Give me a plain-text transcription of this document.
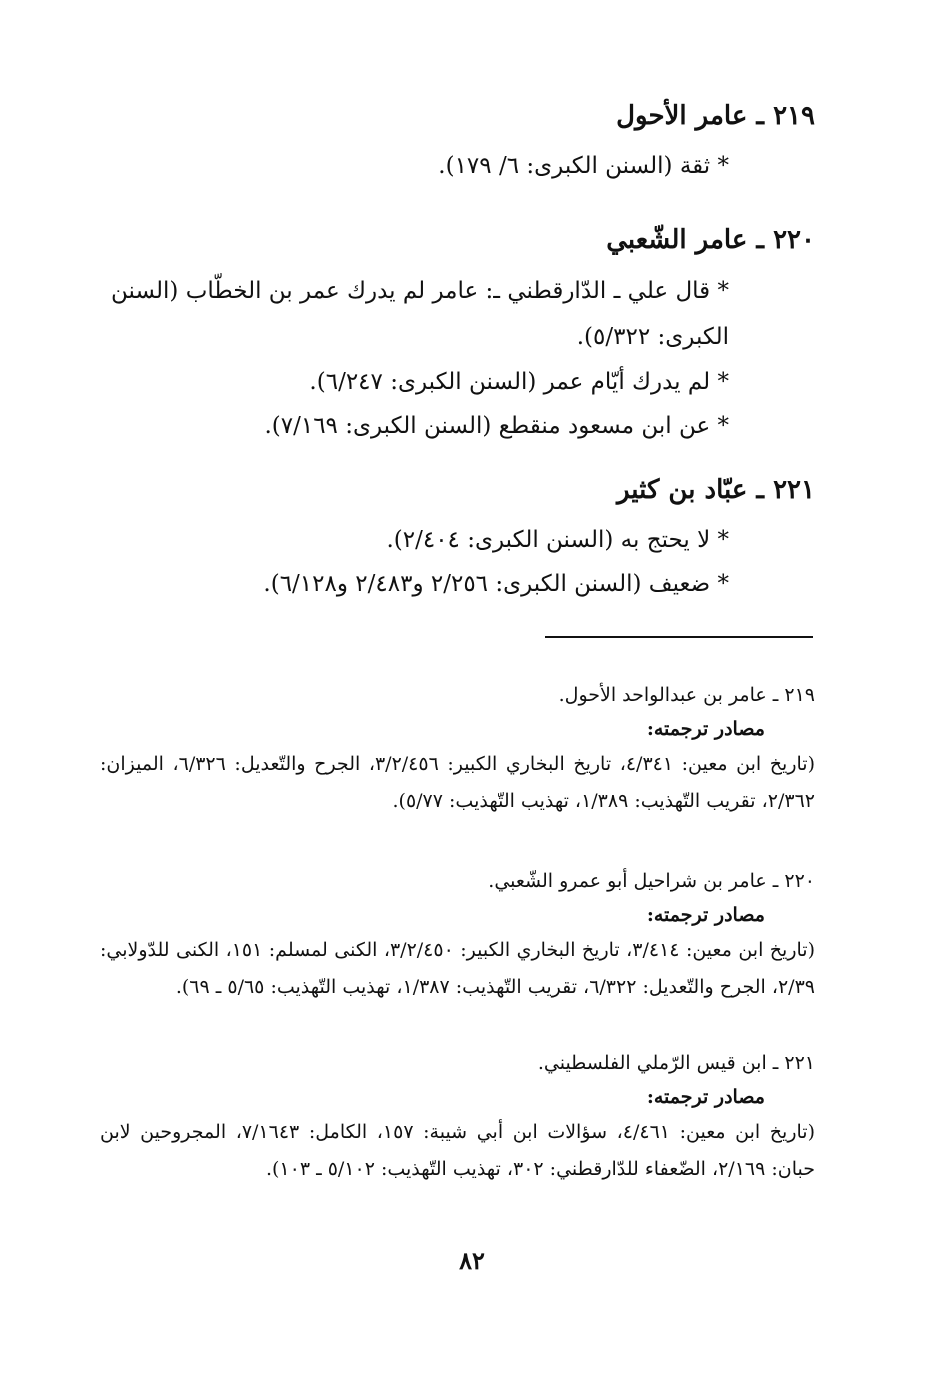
٢١٩ ـ عامر الأحول

* ثقة (السنن الكبرى: ٦/ ١٧٩).

٢٢٠ ـ عامر الشّعبي

* قال علي ـ الدّارقطني ـ: عامر لم يدرك عمر بن الخطّاب (السنن الكبرى: ٥/٣٢٢).

* لم يدرك أيّام عمر (السنن الكبرى: ٦/٢٤٧).

* عن ابن مسعود منقطع (السنن الكبرى: ٧/١٦٩).

٢٢١ ـ عبّاد بن كثير

* لا يحتج به (السنن الكبرى: ٢/٤٠٤).

* ضعيف (السنن الكبرى: ٢/٢٥٦ و٢/٤٨٣ و٦/١٢٨).

٢١٩ ـ عامر بن عبدالواحد الأحول.

مصادر ترجمته:

(تاريخ ابن معين: ٤/٣٤١، تاريخ البخاري الكبير: ٣/٢/٤٥٦، الجرح والتّعديل: ٦/٣٢٦، الميزان: ٢/٣٦٢، تقريب التّهذيب: ١/٣٨٩، تهذيب التّهذيب: ٥/٧٧).

٢٢٠ ـ عامر بن شراحيل أبو عمرو الشّعبي.

مصادر ترجمته:

(تاريخ ابن معين: ٣/٤١٤، تاريخ البخاري الكبير: ٣/٢/٤٥٠، الكنى لمسلم: ١٥١، الكنى للدّولابي: ٢/٣٩، الجرح والتّعديل: ٦/٣٢٢، تقريب التّهذيب: ١/٣٨٧، تهذيب التّهذيب: ٥/٦٥ ـ ٦٩).

٢٢١ ـ ابن قيس الرّملي الفلسطيني.

مصادر ترجمته:

(تاريخ ابن معين: ٤/٤٦١، سؤالات ابن أبي شيبة: ١٥٧، الكامل: ٧/١٦٤٣، المجروحين لابن حبان: ٢/١٦٩، الضّعفاء للدّارقطني: ٣٠٢، تهذيب التّهذيب: ٥/١٠٢ ـ ١٠٣).

٨٢
